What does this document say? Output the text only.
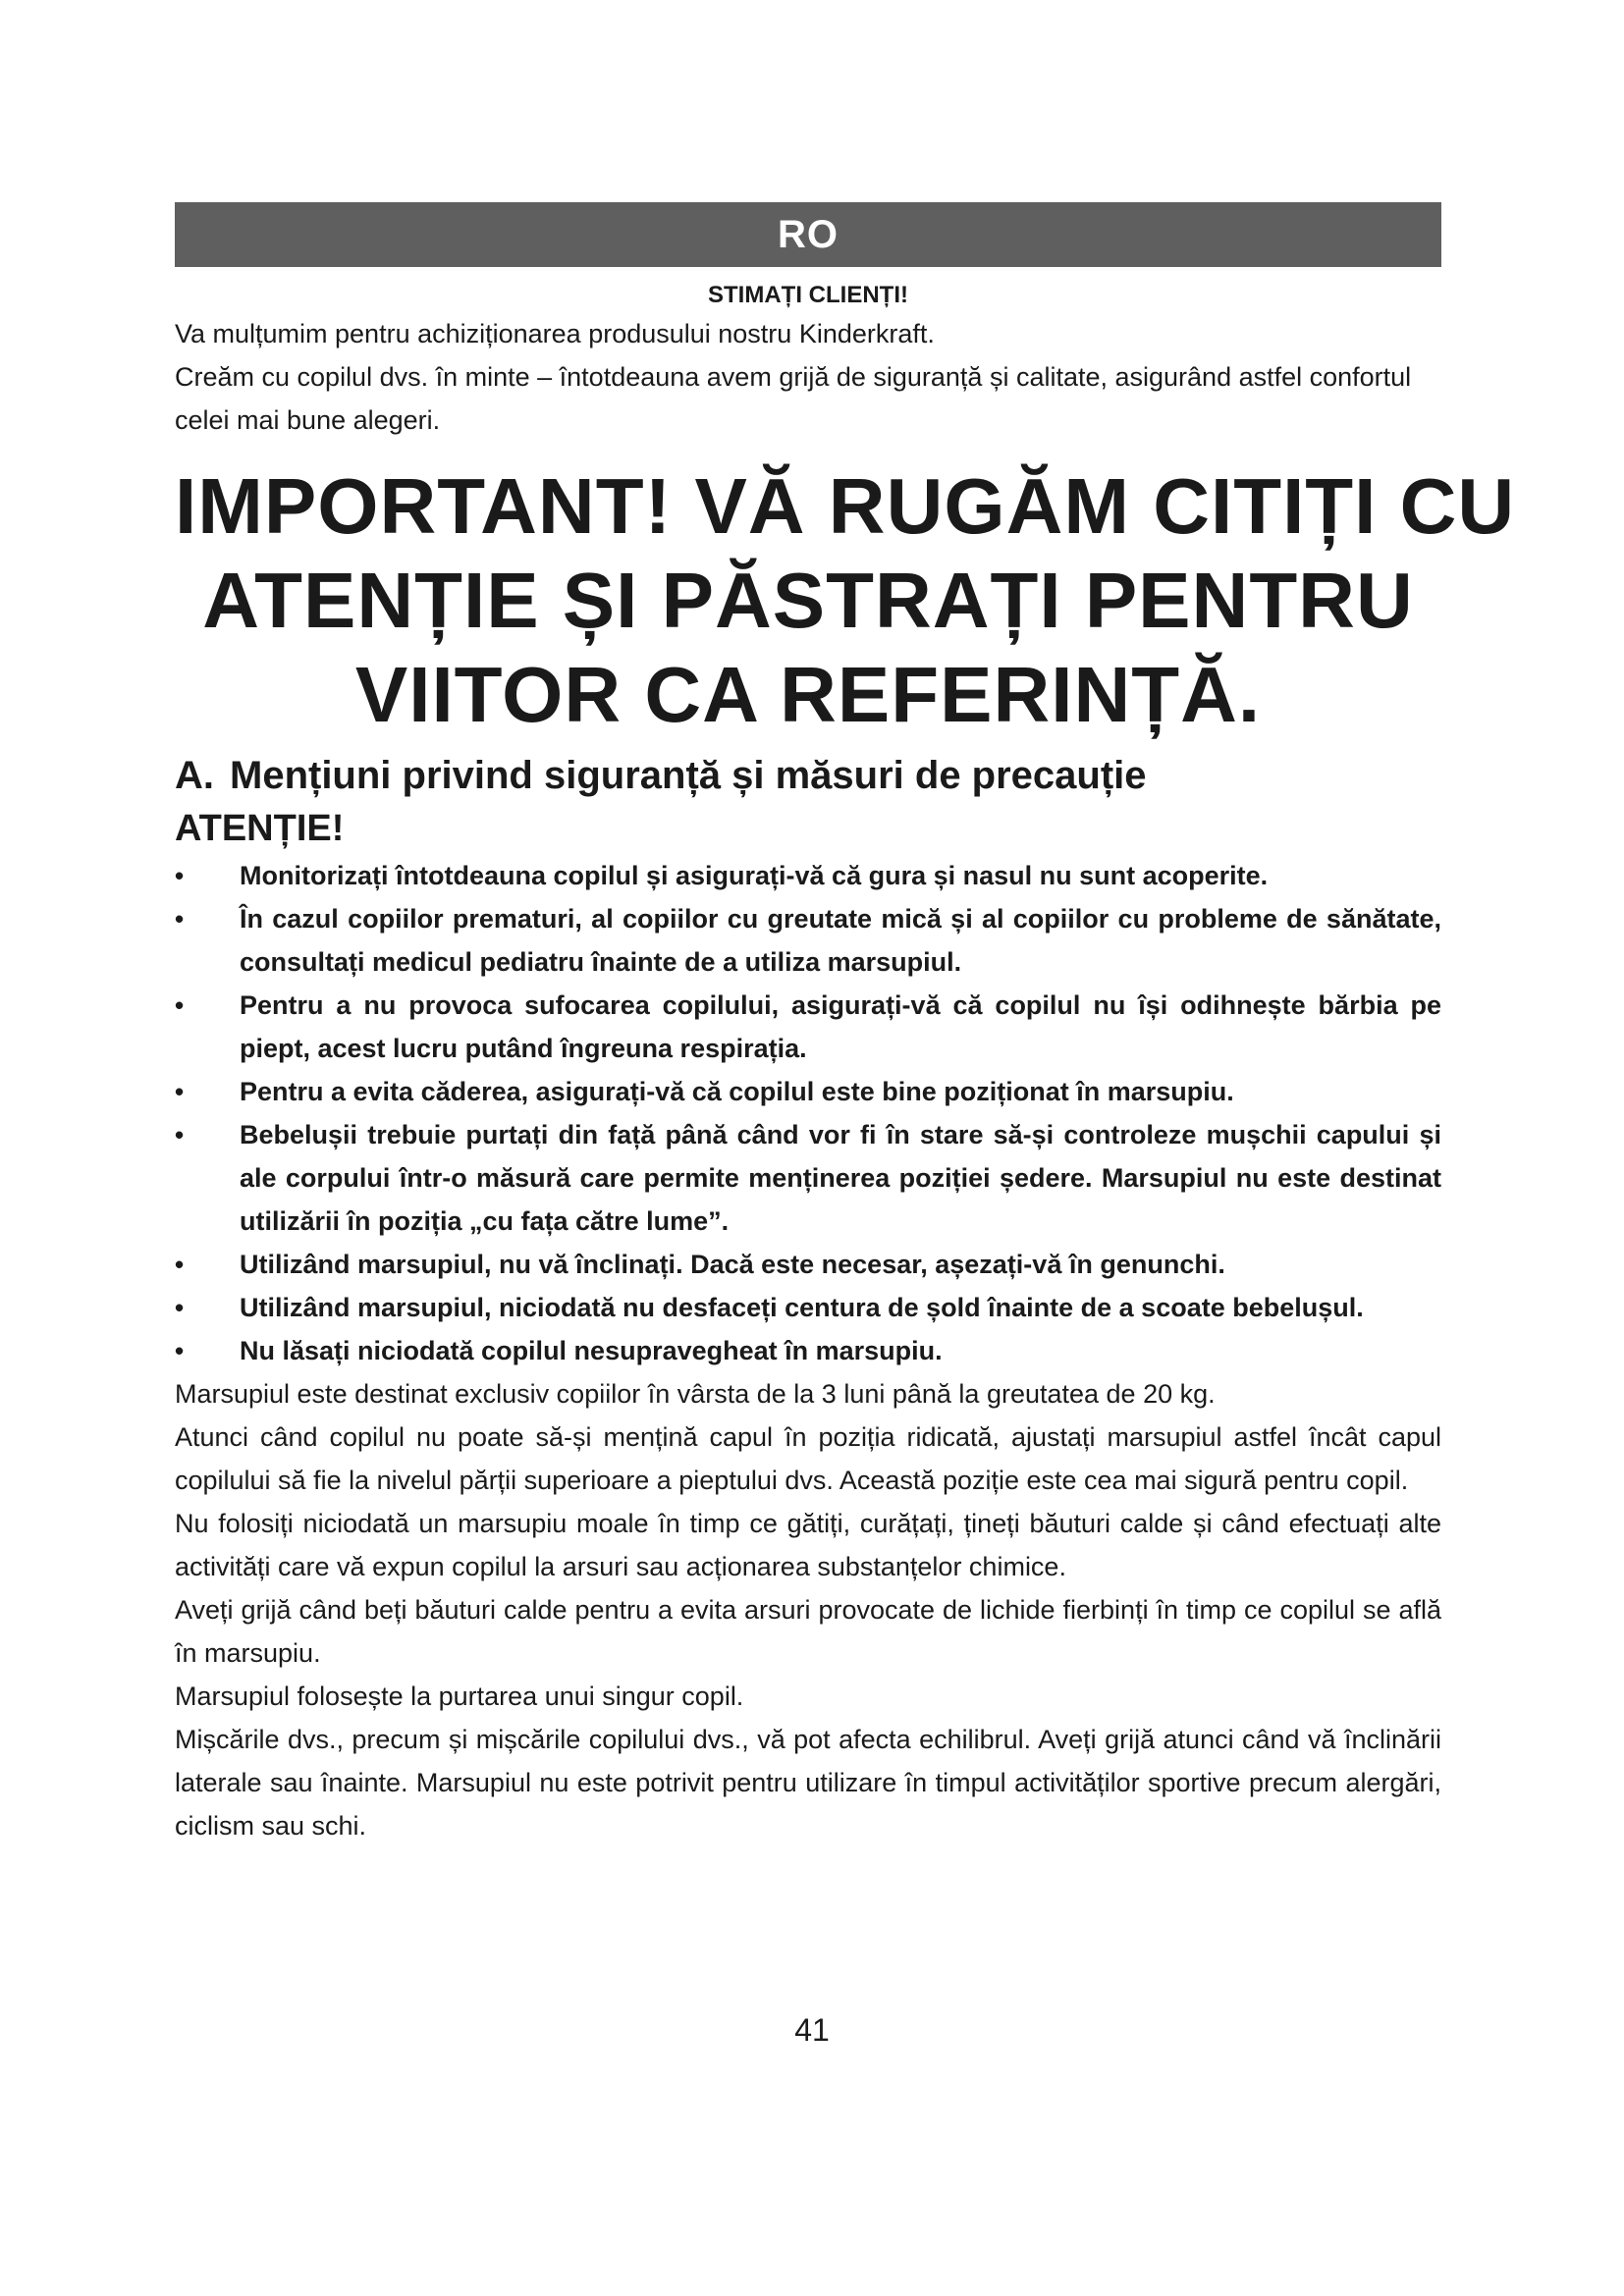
RO
STIMAȚI CLIENȚI!

Va mulțumim pentru achiziționarea produsului nostru Kinderkraft.

Creăm cu copilul dvs. în minte – întotdeauna avem grijă de siguranță și calitate, asigurând astfel confortul celei mai bune alegeri.

IMPORTANT! VĂ RUGĂM CITIȚI CU
ATENȚIE ȘI PĂSTRAȚI PENTRU
VIITOR CA REFERINȚĂ.
A. Mențiuni privind siguranță și măsuri de precauție
ATENȚIE!
• Monitorizați întotdeauna copilul și asigurați-vă că gura și nasul nu sunt acoperite.
• În cazul copiilor prematuri, al copiilor cu greutate mică și al copiilor cu probleme de sănătate, consultați medicul pediatru înainte de a utiliza marsupiul.
• Pentru a nu provoca sufocarea copilului, asigurați-vă că copilul nu își odihnește bărbia pe piept, acest lucru putând îngreuna respirația.
• Pentru a evita căderea, asigurați-vă că copilul este bine poziționat în marsupiu.
• Bebelușii trebuie purtați din față până când vor fi în stare să-și controleze mușchii capului și ale corpului într-o măsură care permite menținerea poziției ședere. Marsupiul nu este destinat utilizării în poziția „cu fața către lume”.
• Utilizând marsupiul, nu vă înclinați. Dacă este necesar, așezați-vă în genunchi.
• Utilizând marsupiul, niciodată nu desfaceți centura de șold înainte de a scoate bebelușul.
• Nu lăsați niciodată copilul nesupravegheat în marsupiu.

Marsupiul este destinat exclusiv copiilor în vârsta de la 3 luni până la greutatea de 20 kg.

Atunci când copilul nu poate să-și mențină capul în poziția ridicată, ajustați marsupiul astfel încât capul copilului să fie la nivelul părții superioare a pieptului dvs. Această poziție este cea mai sigură pentru copil.

Nu folosiți niciodată un marsupiu moale în timp ce gătiți, curățați, țineți băuturi calde și când efectuați alte activități care vă expun copilul la arsuri sau acționarea substanțelor chimice.

Aveți grijă când beți băuturi calde pentru a evita arsuri provocate de lichide fierbinți în timp ce copilul se află în marsupiu.

Marsupiul folosește la purtarea unui singur copil.

Mișcările dvs., precum și mișcările copilului dvs., vă pot afecta echilibrul. Aveți grijă atunci când vă înclinării laterale sau înainte. Marsupiul nu este potrivit pentru utilizare în timpul activităților sportive precum alergări, ciclism sau schi.

41
